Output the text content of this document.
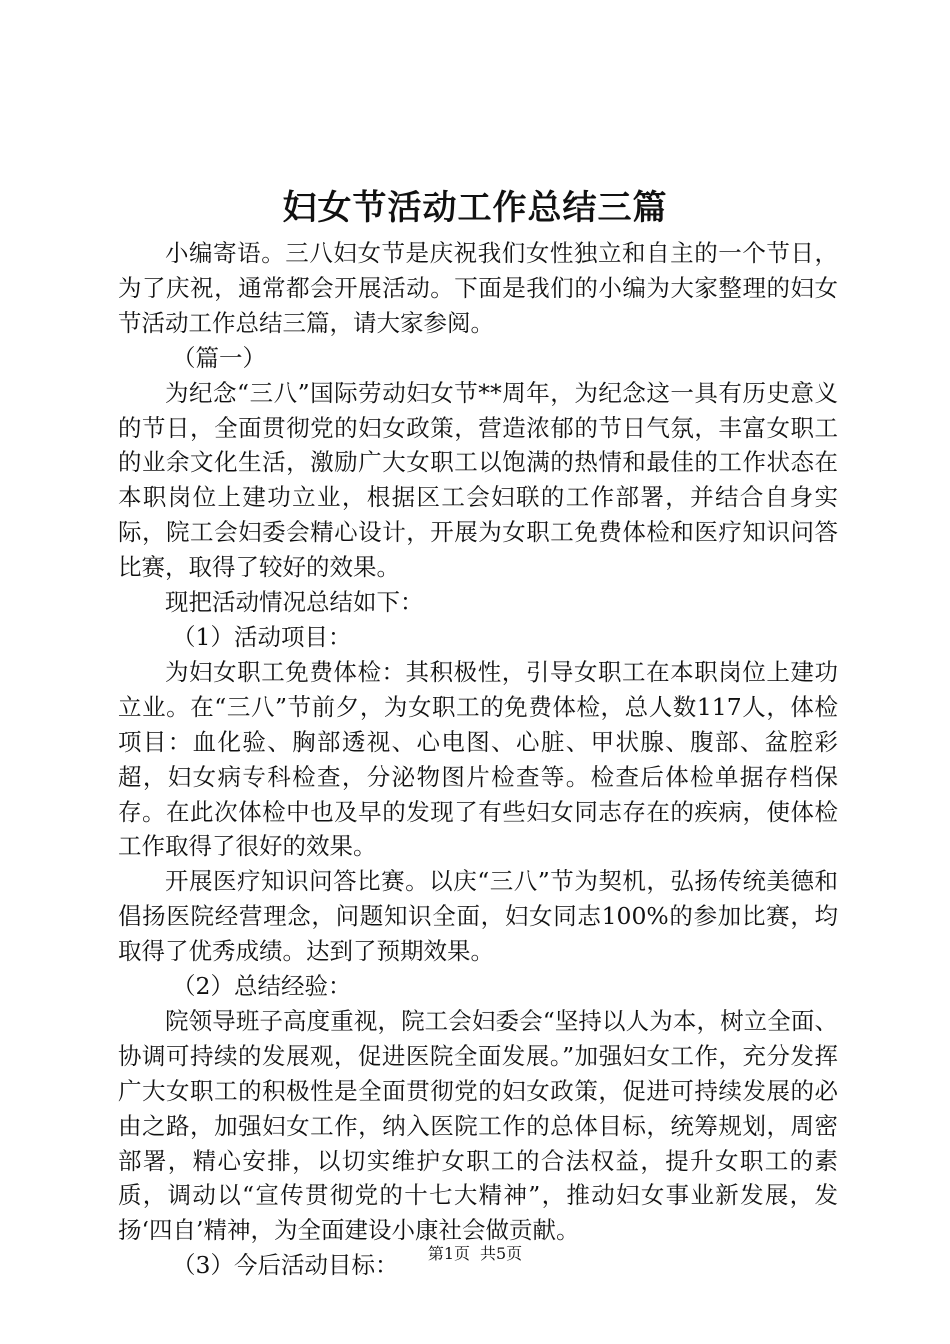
妇女节活动工作总结三篇

小编寄语。三八妇女节是庆祝我们女性独立和自主的一个节日，为了庆祝，通常都会开展活动。下面是我们的小编为大家整理的妇女节活动工作总结三篇，请大家参阅。

（篇一）

为纪念“三八”国际劳动妇女节**周年，为纪念这一具有历史意义的节日，全面贯彻党的妇女政策，营造浓郁的节日气氛，丰富女职工的业余文化生活，激励广大女职工以饱满的热情和最佳的工作状态在本职岗位上建功立业，根据区工会妇联的工作部署，并结合自身实际，院工会妇委会精心设计，开展为女职工免费体检和医疗知识问答比赛，取得了较好的效果。

现把活动情况总结如下：

（1）活动项目：

为妇女职工免费体检：其积极性，引导女职工在本职岗位上建功立业。在“三八”节前夕，为女职工的免费体检，总人数117人，体检项目：血化验、胸部透视、心电图、心脏、甲状腺、腹部、盆腔彩超，妇女病专科检查，分泌物图片检查等。检查后体检单据存档保存。在此次体检中也及早的发现了有些妇女同志存在的疾病，使体检工作取得了很好的效果。

开展医疗知识问答比赛。以庆“三八”节为契机，弘扬传统美德和倡扬医院经营理念，问题知识全面，妇女同志100%的参加比赛，均取得了优秀成绩。达到了预期效果。

（2）总结经验：

院领导班子高度重视，院工会妇委会“坚持以人为本，树立全面、协调可持续的发展观，促进医院全面发展。”加强妇女工作，充分发挥广大女职工的积极性是全面贯彻党的妇女政策，促进可持续发展的必由之路，加强妇女工作，纳入医院工作的总体目标，统筹规划，周密部署，精心安排，以切实维护女职工的合法权益，提升女职工的素质，调动以“宣传贯彻党的十七大精神”，推动妇女事业新发展，发扬‘四自’精神，为全面建设小康社会做贡献。

（3）今后活动目标：	第1页 共5页
